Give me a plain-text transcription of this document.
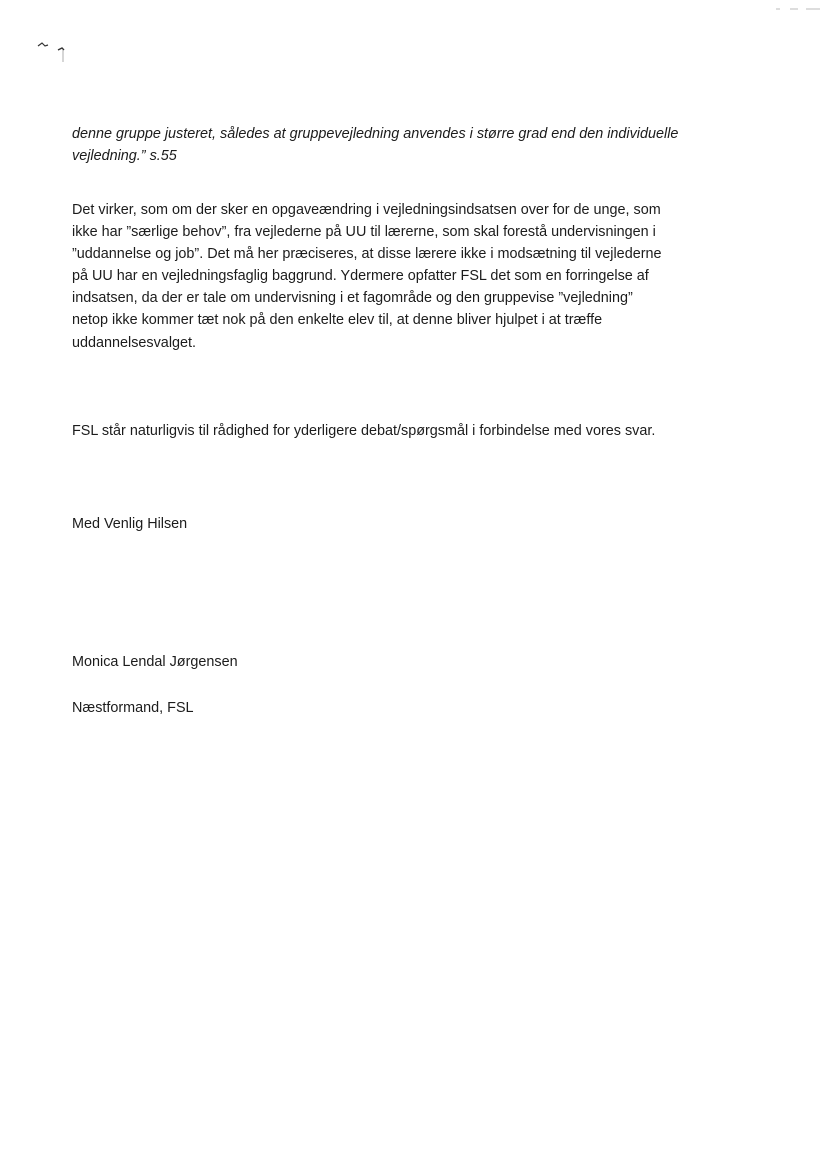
denne gruppe justeret, således at gruppevejledning anvendes i større grad end den individuelle
vejledning.” s.55

Det virker, som om der sker en opgaveændring i vejledningsindsatsen over for de unge, som
ikke har ”særlige behov”, fra vejlederne på UU til lærerne, som skal forestå undervisningen i
”uddannelse og job”. Det må her præciseres, at disse lærere ikke i modsætning til vejlederne
på UU har en vejledningsfaglig baggrund. Ydermere opfatter FSL det som en forringelse af
indsatsen, da der er tale om undervisning i et fagområde og den gruppevise ”vejledning”
netop ikke kommer tæt nok på den enkelte elev til, at denne bliver hjulpet i at træffe
uddannelsesvalget.

FSL står naturligvis til rådighed for yderligere debat/spørgsmål i forbindelse med vores svar.

Med Venlig Hilsen

Monica Lendal Jørgensen

Næstformand, FSL
